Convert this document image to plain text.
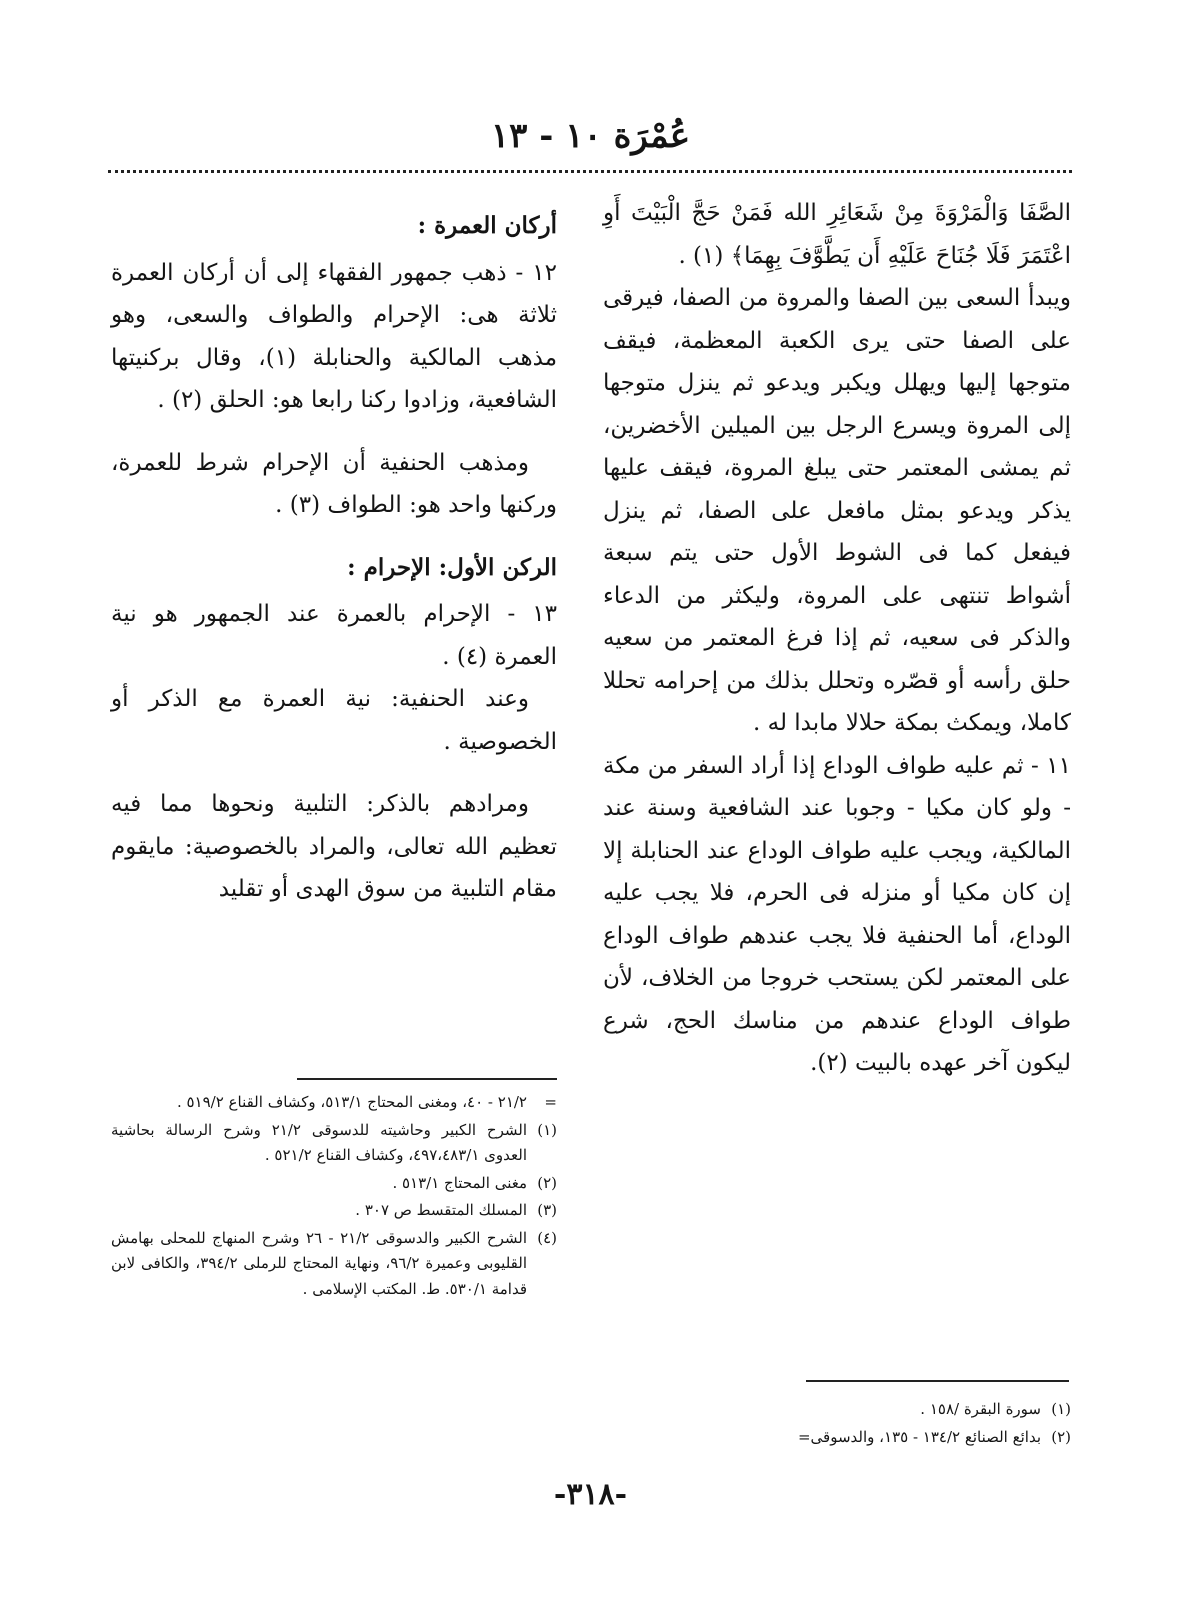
عُمْرَة ١٠ - ١٣

الصَّفَا وَالْمَرْوَةَ مِنْ شَعَائِرِ الله فَمَنْ حَجَّ الْبَيْتَ أَوِ اعْتَمَرَ فَلَا جُنَاحَ عَلَيْهِ أَن يَطَّوَّفَ بِهِمَا﴾ (١) .

ويبدأ السعى بين الصفا والمروة من الصفا، فيرقى على الصفا حتى يرى الكعبة المعظمة، فيقف متوجها إليها ويهلل ويكبر ويدعو ثم ينزل متوجها إلى المروة ويسرع الرجل بين الميلين الأخضرين، ثم يمشى المعتمر حتى يبلغ المروة، فيقف عليها يذكر ويدعو بمثل مافعل على الصفا، ثم ينزل فيفعل كما فى الشوط الأول حتى يتم سبعة أشواط تنتهى على المروة، وليكثر من الدعاء والذكر فى سعيه، ثم إذا فرغ المعتمر من سعيه حلق رأسه أو قصّره وتحلل بذلك من إحرامه تحللا كاملا، ويمكث بمكة حلالا مابدا له .

١١ - ثم عليه طواف الوداع إذا أراد السفر من مكة - ولو كان مكيا - وجوبا عند الشافعية وسنة عند المالكية، ويجب عليه طواف الوداع عند الحنابلة إلا إن كان مكيا أو منزله فى الحرم، فلا يجب عليه الوداع، أما الحنفية فلا يجب عندهم طواف الوداع على المعتمر لكن يستحب خروجا من الخلاف، لأن طواف الوداع عندهم من مناسك الحج، شرع ليكون آخر عهده بالبيت (٢).

أركان العمرة :

١٢ - ذهب جمهور الفقهاء إلى أن أركان العمرة ثلاثة هى: الإحرام والطواف والسعى، وهو مذهب المالكية والحنابلة (١)، وقال بركنيتها الشافعية، وزادوا ركنا رابعا هو: الحلق (٢) .

ومذهب الحنفية أن الإحرام شرط للعمرة، وركنها واحد هو: الطواف (٣) .

الركن الأول: الإحرام :

١٣ - الإحرام بالعمرة عند الجمهور هو نية العمرة (٤) .

وعند الحنفية: نية العمرة مع الذكر أو الخصوصية .

ومرادهم بالذكر: التلبية ونحوها مما فيه تعظيم الله تعالى، والمراد بالخصوصية: مايقوم مقام التلبية من سوق الهدى أو تقليد

=
٢١/٢ - ٤٠، ومغنى المحتاج ٥١٣/١، وكشاف القناع ٥١٩/٢ .
(١)
الشرح الكبير وحاشيته للدسوقى ٢١/٢ وشرح الرسالة بحاشية العدوى ٤٩٧،٤٨٣/١، وكشاف القناع ٥٢١/٢ .
(٢)
مغنى المحتاج ٥١٣/١ .
(٣)
المسلك المتقسط ص ٣٠٧ .
(٤)
الشرح الكبير والدسوقى ٢١/٢ - ٢٦ وشرح المنهاج للمحلى بهامش القليوبى وعميرة ٩٦/٢، ونهاية المحتاج للرملى ٣٩٤/٢، والكافى لابن قدامة ٥٣٠/١. ط. المكتب الإسلامى .
(١)
سورة البقرة /١٥٨ .
(٢)
بدائع الصنائع ١٣٤/٢ - ١٣٥، والدسوقى=
-٣١٨-
